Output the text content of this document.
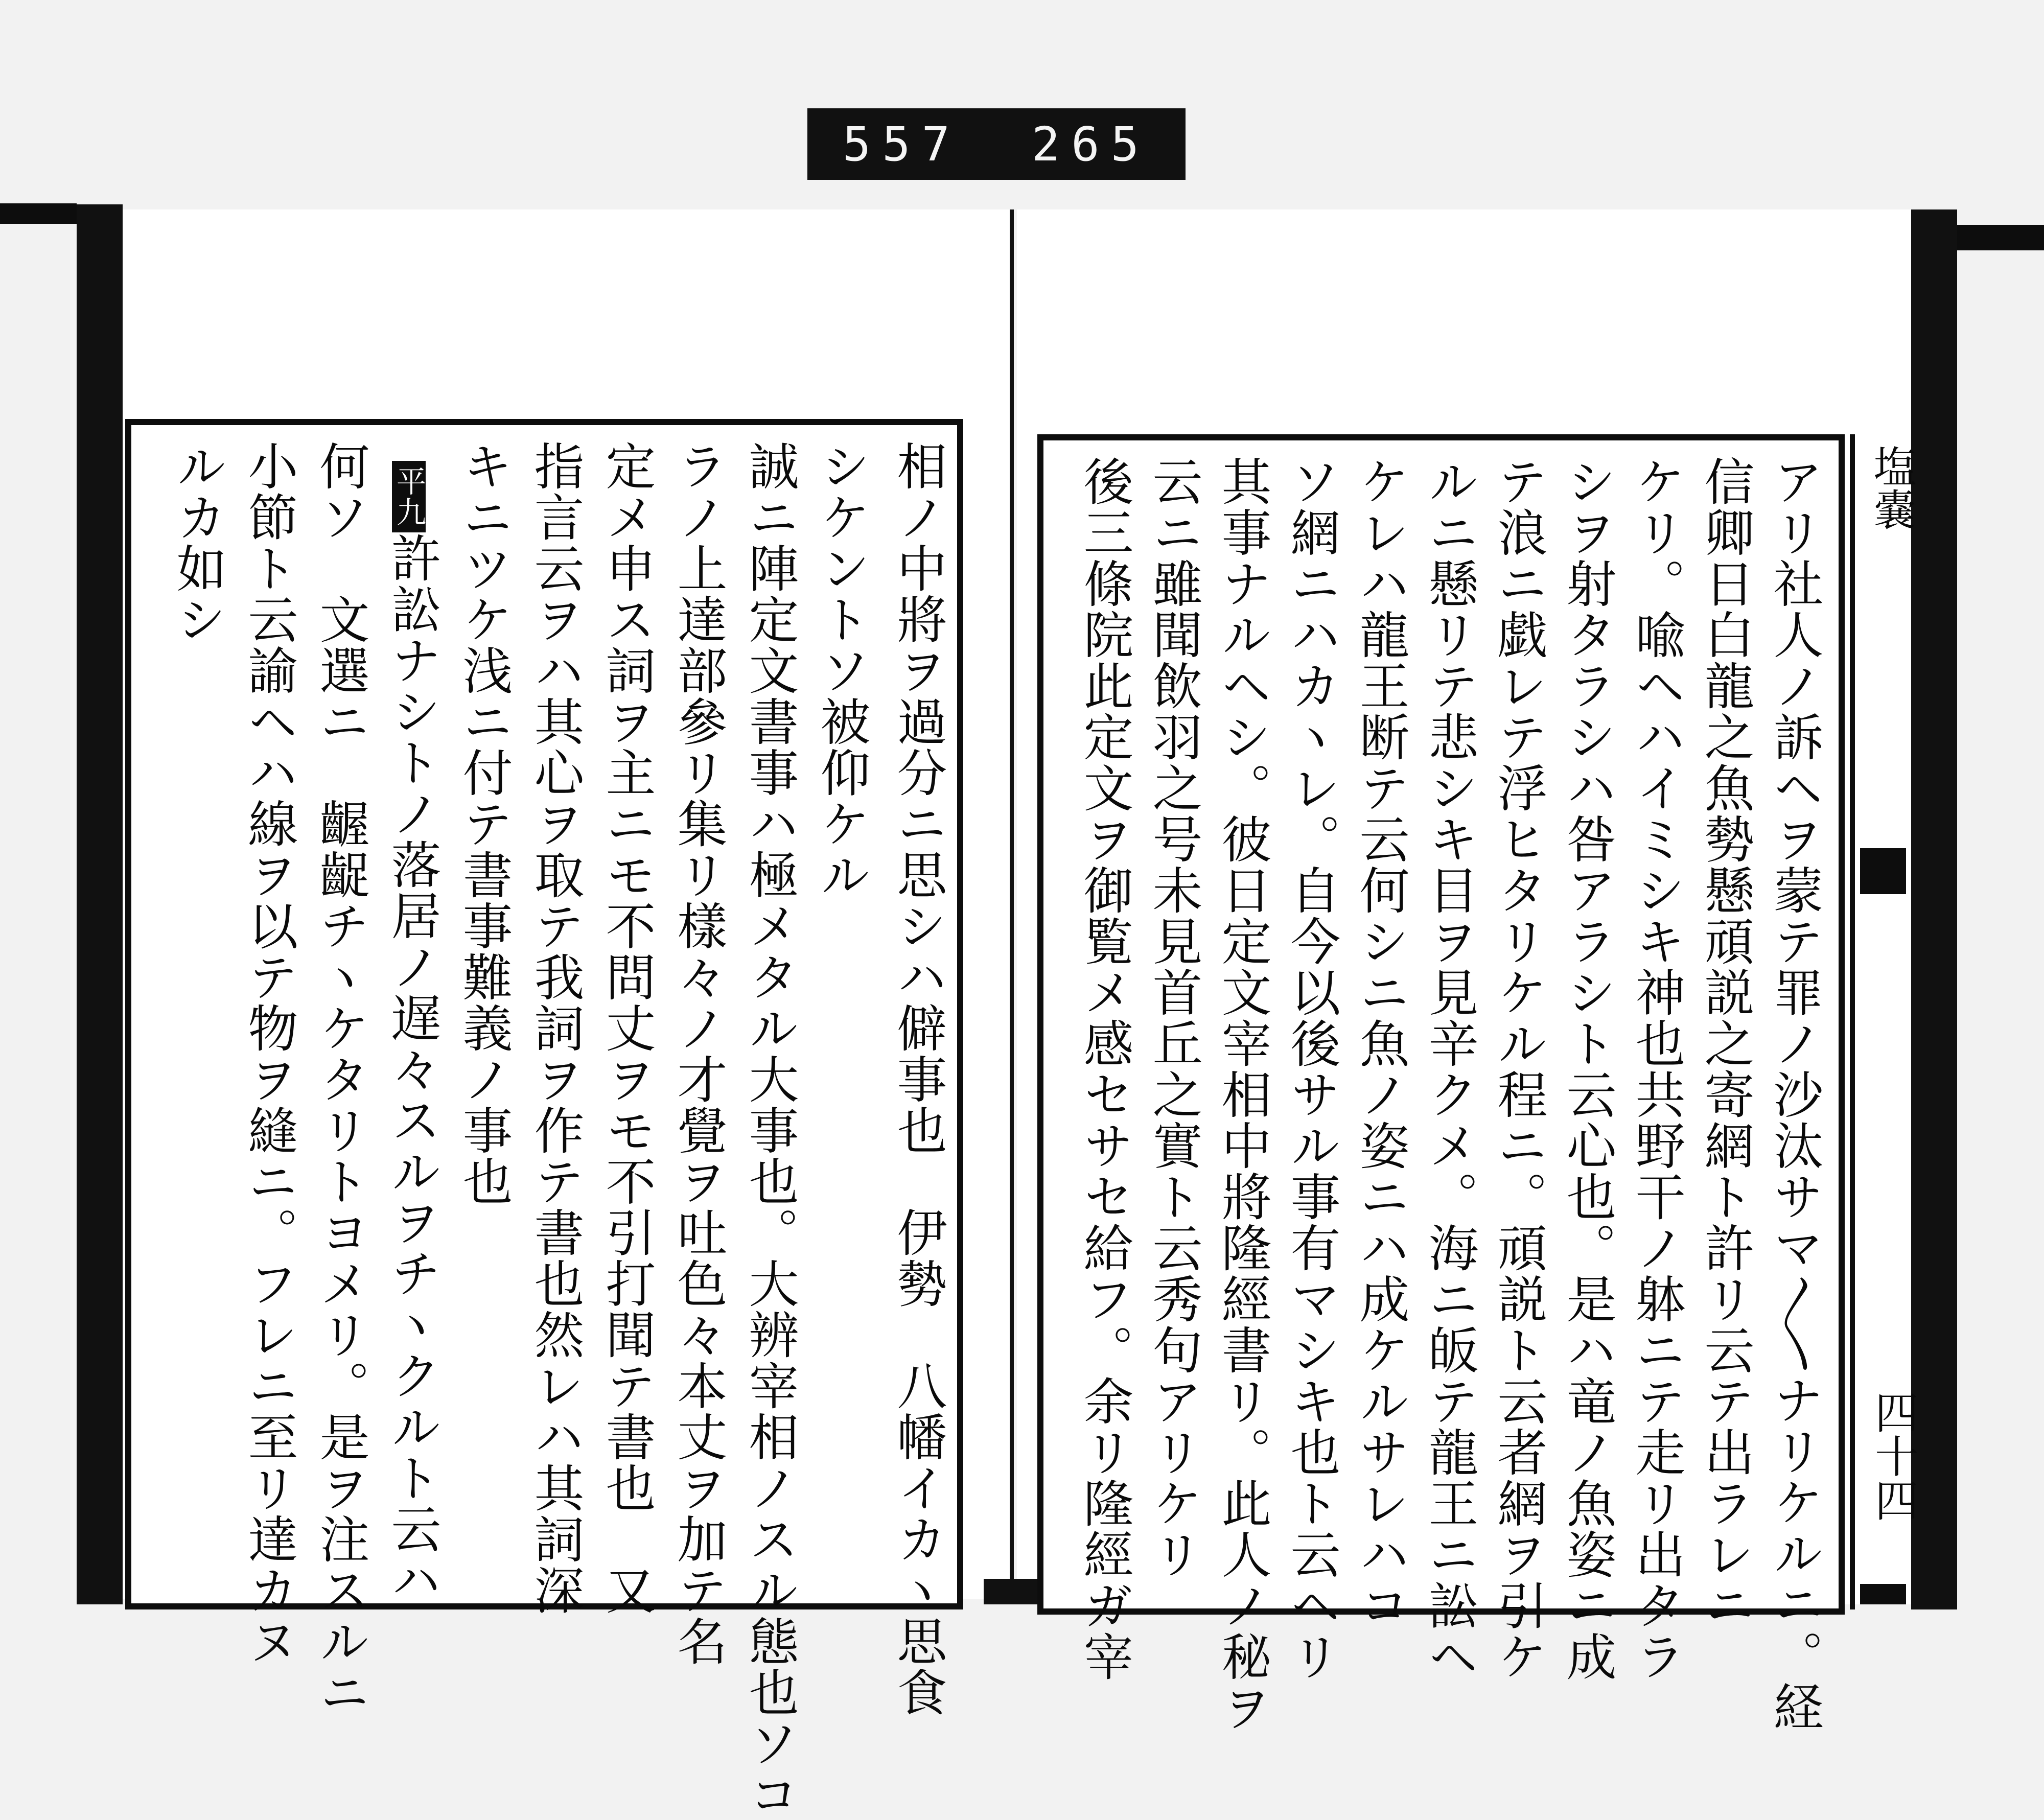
557 265
相ノ中將ヲ過分ニ思シハ僻事也　伊勢　八幡イカヽ思食
シケントソ被仰ケル
誠ニ陣定文書事ハ極メタル大事也。大辨宰相ノスル態也ソコ
ラノ上達部參リ集リ樣々ノ才覺ヲ吐色々本丈ヲ加テ名
定メ申ス詞ヲ主ニモ不問丈ヲモ不引打聞テ書也　又
指言云ヲハ其心ヲ取テ我詞ヲ作テ書也然レハ其詞深
キニツケ浅ニ付テ書事難義ノ事也
平九
許訟ナシトノ落居ノ遅々スルヲチヽクルト云ハ
何ソ　文選ニ　齷齪チヽケタリトヨメリ。是ヲ注スルニ
小節ト云諭ヘハ線ヲ以テ物ヲ縫ニ。フレニ至リ達カヌ
ルカ如シ	アリ社人ノ訴ヘヲ蒙テ罪ノ沙汰サマ〳〵ナリケルニ。経
信卿日白龍之魚勢懸頑説之寄網ト許リ云テ出ラレニ
ケリ。喩ヘハイミシキ神也共野干ノ躰ニテ走リ出タラ
シヲ射タラシハ咎アラシト云心也。是ハ竜ノ魚姿ニ成
テ浪ニ戯レテ浮ヒタリケル程ニ。頑説ト云者網ヲ引ケ
ルニ懸リテ悲シキ目ヲ見辛クメ。海ニ皈テ龍王ニ訟ヘ
ケレハ龍王断テ云何シニ魚ノ姿ニハ成ケルサレハコ
ソ網ニハカヽレ。自今以後サル事有マシキ也ト云ヘリ
其事ナルヘシ。彼日定文宰相中將隆經書リ。此人ノ秘ヲ
云ニ雖聞飲羽之号未見首丘之實ト云秀句アリケリ
後三條院此定文ヲ御覧メ感セサセ給フ。余リ隆經ガ宰	塩嚢
四十四
